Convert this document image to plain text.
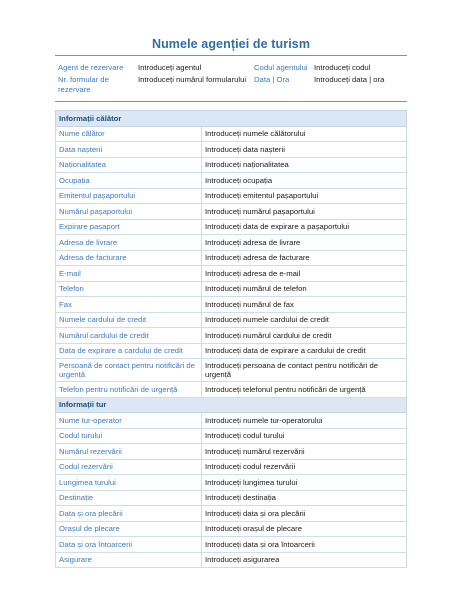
Numele agenției de turism
Agent de rezervare	Introduceți agentul	Codul agentului	Introduceți codul
Nr. formular de rezervare	Introduceți numărul formularului	Data | Ora	Introduceți data | ora
Informații călător	
Nume călător	Introduceți numele călătorului
Data nașterii	Introduceți data nașterii
Naționalitatea	Introduceți naționalitatea
Ocupația	Introduceți ocupația
Emitentul pașaportului	Introduceți emitentul pașaportului
Numărul pașaportului	Introduceți numărul pașaportului
Expirare pașaport	Introduceți data de expirare a pașaportului
Adresa de livrare	Introduceți adresa de livrare
Adresa de facturare	Introduceți adresa de facturare
E-mail	Introduceți adresa de e-mail
Telefon	Introduceți numărul de telefon
Fax	Introduceți numărul de fax
Numele cardului de credit	Introduceți numele cardului de credit
Numărul cardului de credit	Introduceți numărul cardului de credit
Data de expirare a cardului de credit	Introduceți data de expirare a cardului de credit
Persoană de contact pentru notificări de urgență	Introduceți persoana de contact pentru notificări de urgență
Telefon pentru notificări de urgență	Introduceți telefonul pentru notificări de urgență
Informații tur	
Nume tur-operator	Introduceți numele tur-operatorului
Codul turului	Introduceți codul turului
Numărul rezervării	Introduceți numărul rezervării
Codul rezervării	Introduceți codul rezervării
Lungimea turului	Introduceți lungimea turului
Destinație	Introduceți destinația
Data și ora plecării	Introduceți data și ora plecării
Orașul de plecare	Introduceți orașul de plecare
Data și ora întoarcerii	Introduceți data și ora întoarcerii
Asigurare	Introduceți asigurarea
